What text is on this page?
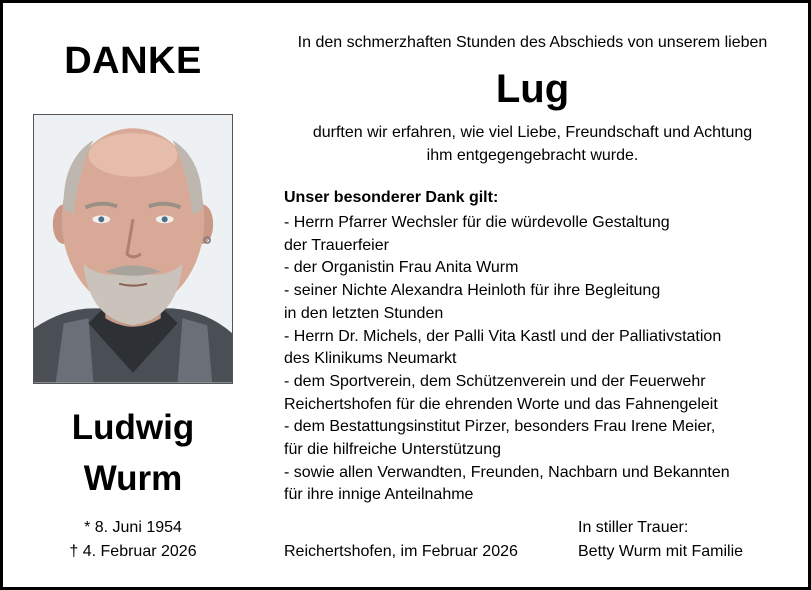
DANKE
Ludwig
Wurm
* 8. Juni 1954
† 4. Februar 2026
In den schmerzhaften Stunden des Abschieds von unserem lieben
Lug
durften wir erfahren, wie viel Liebe, Freundschaft und Achtung
ihm entgegengebracht wurde.
Unser besonderer Dank gilt:
- Herrn Pfarrer Wechsler für die würdevolle Gestaltung
der Trauerfeier
- der Organistin Frau Anita Wurm
- seiner Nichte Alexandra Heinloth für ihre Begleitung
in den letzten Stunden
- Herrn Dr. Michels, der Palli Vita Kastl und der Palliativstation
des Klinikums Neumarkt
- dem Sportverein, dem Schützenverein und der Feuerwehr
Reichertshofen für die ehrenden Worte und das Fahnengeleit
- dem Bestattungsinstitut Pirzer, besonders Frau Irene Meier,
für die hilfreiche Unterstützung
- sowie allen Verwandten, Freunden, Nachbarn und Bekannten
für ihre innige Anteilnahme
Reichertshofen, im Februar 2026
In stiller Trauer:
Betty Wurm mit Familie
